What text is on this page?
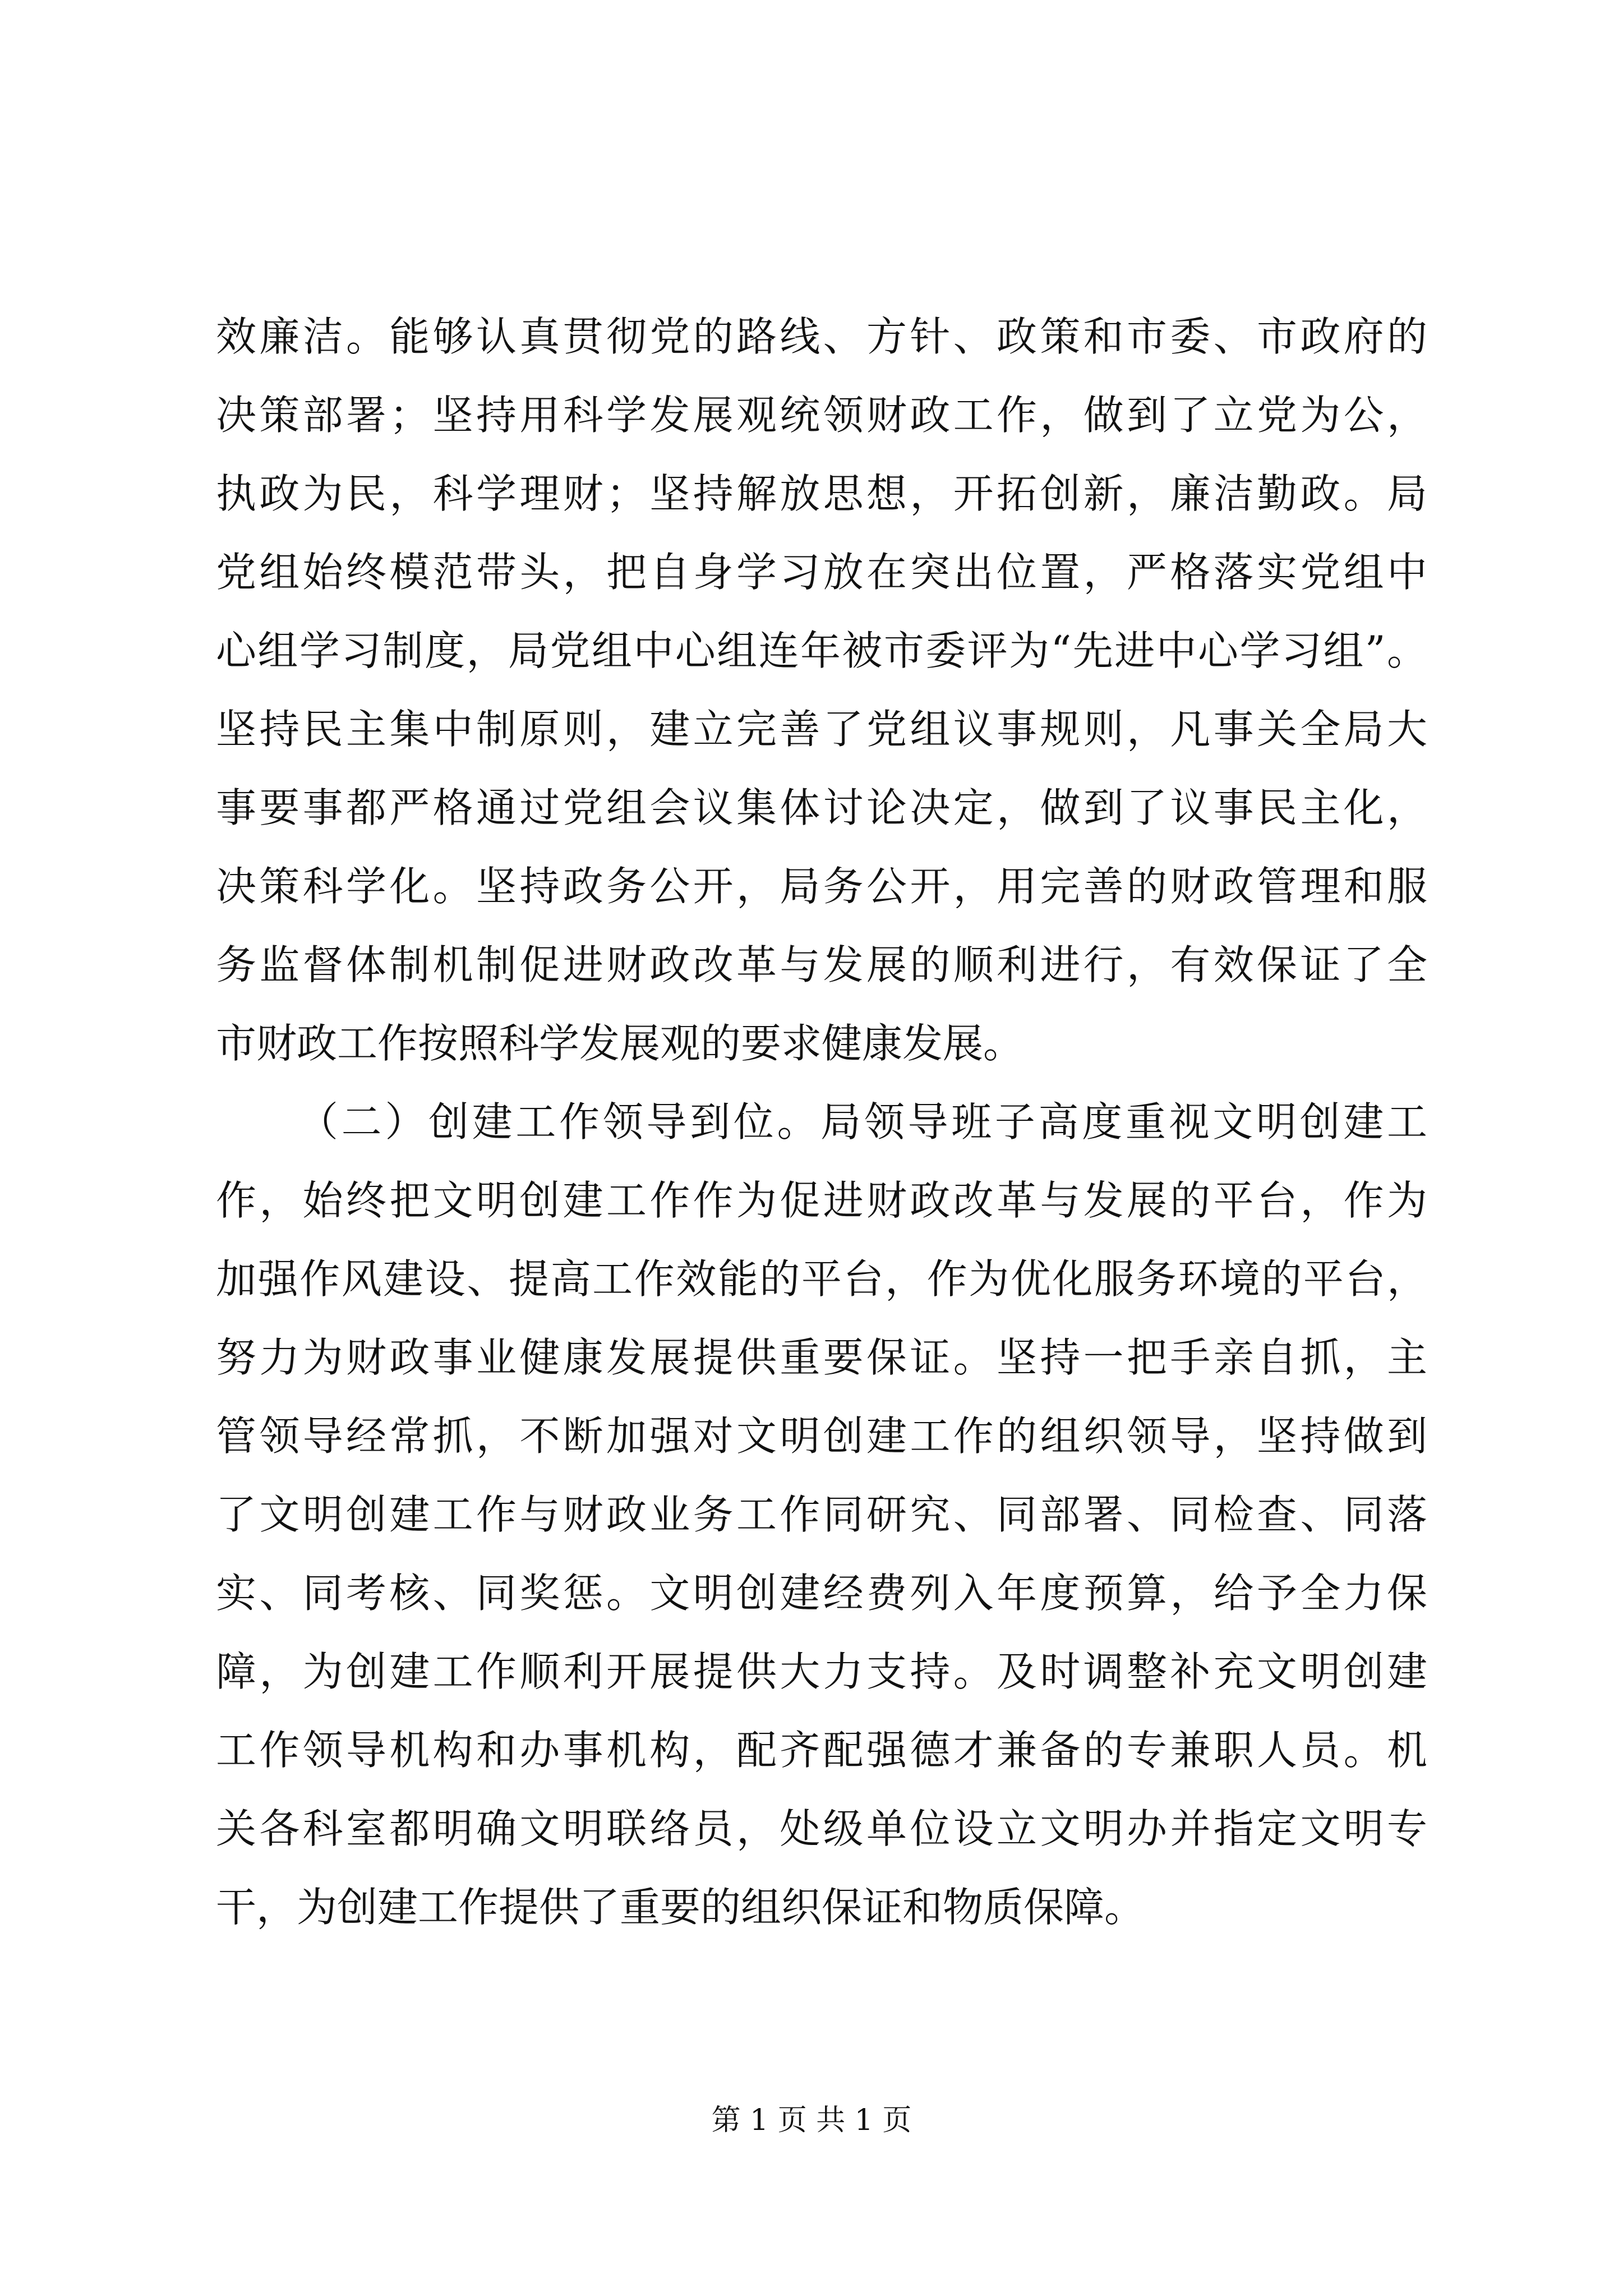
效廉洁。能够认真贯彻党的路线、方针、政策和市委、市政府的

决策部署；坚持用科学发展观统领财政工作，做到了立党为公，

执政为民，科学理财；坚持解放思想，开拓创新，廉洁勤政。局

党组始终模范带头，把自身学习放在突出位置，严格落实党组中

心组学习制度，局党组中心组连年被市委评为“先进中心学习组”。

坚持民主集中制原则，建立完善了党组议事规则，凡事关全局大

事要事都严格通过党组会议集体讨论决定，做到了议事民主化，

决策科学化。坚持政务公开，局务公开，用完善的财政管理和服

务监督体制机制促进财政改革与发展的顺利进行，有效保证了全

市财政工作按照科学发展观的要求健康发展。

（二）创建工作领导到位。局领导班子高度重视文明创建工

作，始终把文明创建工作作为促进财政改革与发展的平台，作为

加强作风建设、提高工作效能的平台，作为优化服务环境的平台，

努力为财政事业健康发展提供重要保证。坚持一把手亲自抓，主

管领导经常抓，不断加强对文明创建工作的组织领导，坚持做到

了文明创建工作与财政业务工作同研究、同部署、同检查、同落

实、同考核、同奖惩。文明创建经费列入年度预算，给予全力保

障，为创建工作顺利开展提供大力支持。及时调整补充文明创建

工作领导机构和办事机构，配齐配强德才兼备的专兼职人员。机

关各科室都明确文明联络员，处级单位设立文明办并指定文明专

干，为创建工作提供了重要的组织保证和物质保障。

第 1 页 共 1 页
